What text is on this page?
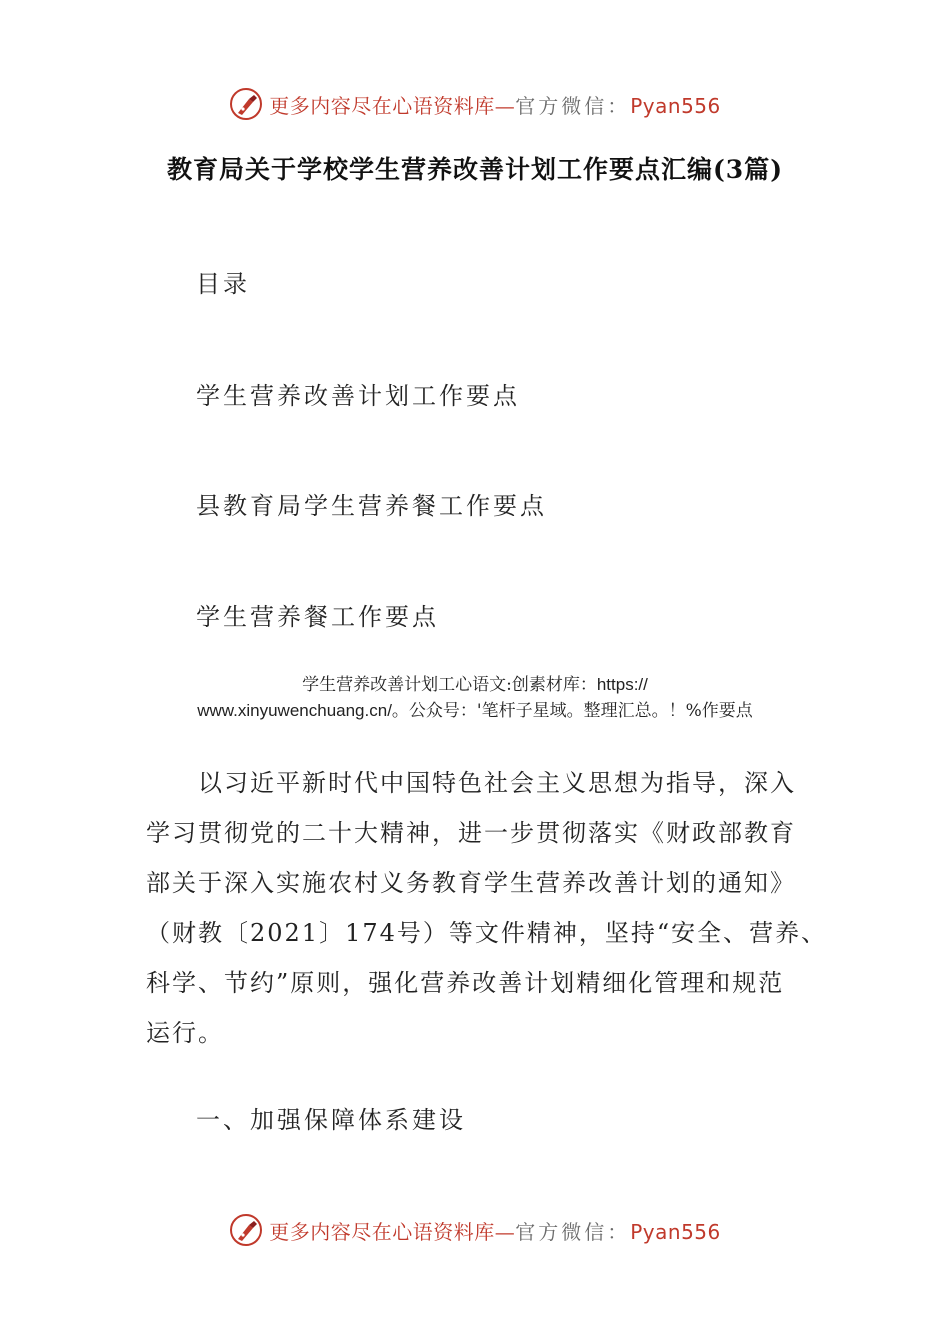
更多内容尽在心语资料库—官方微信：Pyan556
教育局关于学校学生营养改善计划工作要点汇编(3篇)
目录
学生营养改善计划工作要点
县教育局学生营养餐工作要点
学生营养餐工作要点
学生营养改善计划工心语文:创素材库：https://
www.xinyuwenchuang.cn/。公众号：'笔杆子星域。整理汇总。！%作要点
以习近平新时代中国特色社会主义思想为指导，深入
学习贯彻党的二十大精神，进一步贯彻落实《财政部教育
部关于深入实施农村义务教育学生营养改善计划的通知》
（财教〔2021〕174号）等文件精神，坚持“安全、营养、
科学、节约”原则，强化营养改善计划精细化管理和规范
运行。
一、加强保障体系建设
更多内容尽在心语资料库—官方微信：Pyan556
